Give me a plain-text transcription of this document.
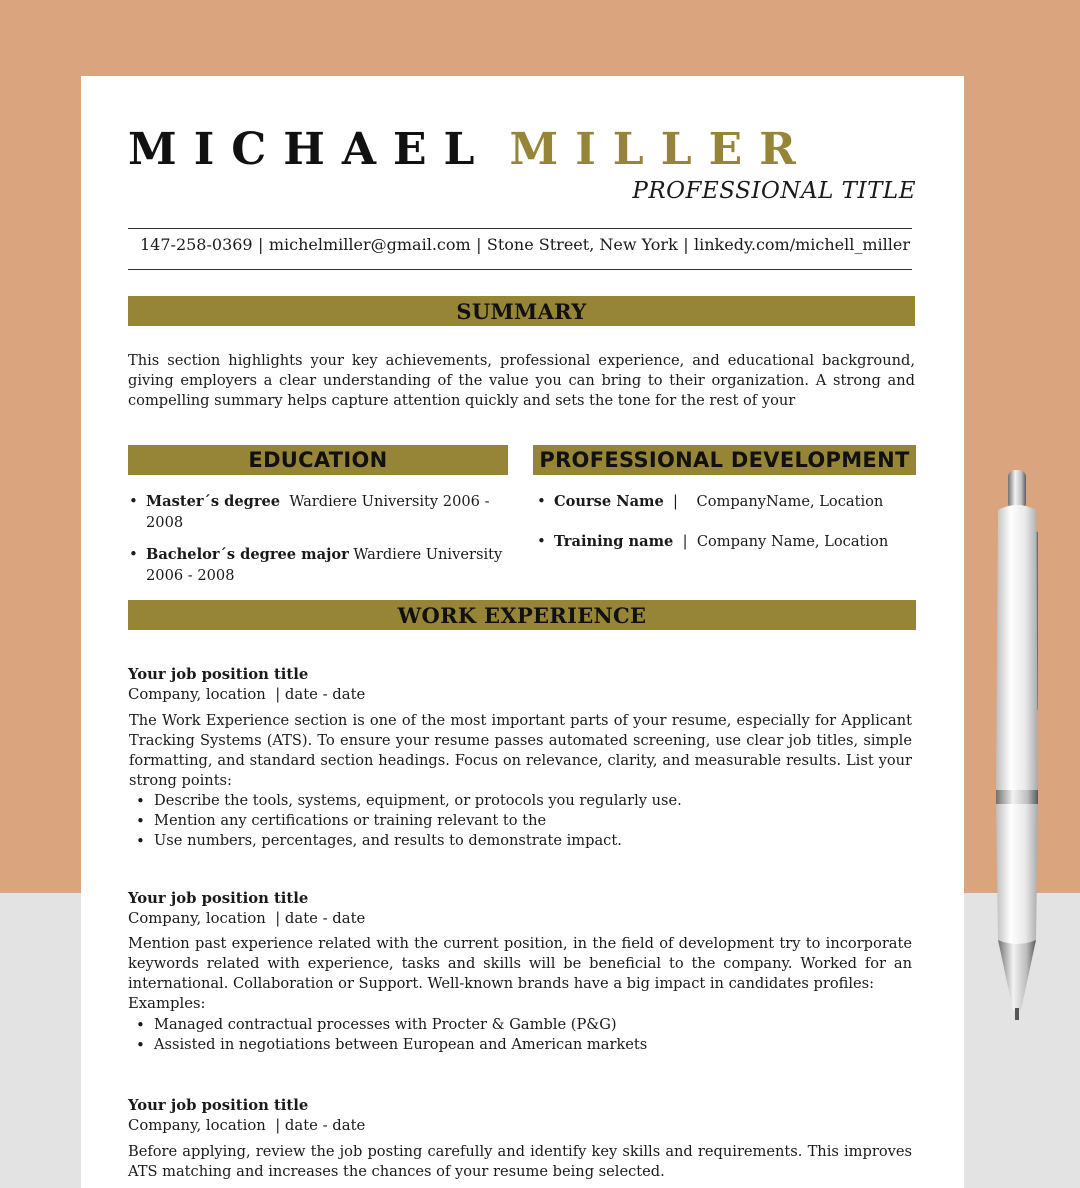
MICHAEL MILLER
PROFESSIONAL TITLE
147-258-0369 | michelmiller@gmail.com | Stone Street, New York | linkedy.com/michell_miller
SUMMARY

This section highlights your key achievements, professional experience, and educational background, giving employers a clear understanding of the value you can bring to their organization. A strong and compelling summary helps capture attention quickly and sets the tone for the rest of your

EDUCATION
• Master´s degree Wardiere University 2006 - 2008
• Bachelor´s degree major Wardiere University 2006 - 2008
PROFESSIONAL DEVELOPMENT
• Course Name | CompanyName, Location
• Training name | Company Name, Location
WORK EXPERIENCE
Your job position title
Company, location | date - date

The Work Experience section is one of the most important parts of your resume, especially for Applicant Tracking Systems (ATS). To ensure your resume passes automated screening, use clear job titles, simple formatting, and standard section headings. Focus on relevance, clarity, and measurable results. List your strong points:

• Describe the tools, systems, equipment, or protocols you regularly use.
• Mention any certifications or training relevant to the
• Use numbers, percentages, and results to demonstrate impact.
Your job position title
Company, location | date - date

Mention past experience related with the current position, in the field of development try to incorporate keywords related with experience, tasks and skills will be beneficial to the company. Worked for an international. Collaboration or Support. Well-known brands have a big impact in candidates profiles:

Examples:
• Managed contractual processes with Procter & Gamble (P&G)
• Assisted in negotiations between European and American markets
Your job position title
Company, location | date - date

Before applying, review the job posting carefully and identify key skills and requirements. This improves ATS matching and increases the chances of your resume being selected.
